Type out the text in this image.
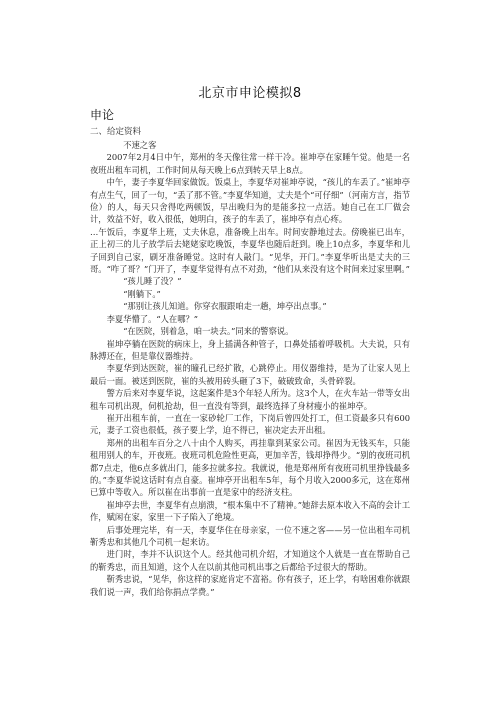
北京市申论模拟8
申论
二、给定资料

不速之客

2007年2月4日中午，郑州的冬天像往常一样干冷。崔坤亭在家睡午觉。他是一名夜班出租车司机，工作时间从每天晚上6点到转天早上8点。

中午，妻子李夏华回家做饭。饭桌上，李夏华对崔坤亭说，“孩儿的车丢了。”崔坤亭有点生气，回了一句，“丢了那不管。”李夏华知道，丈夫是个“可仔细”（河南方言，指节俭）的人，每天只舍得吃两顿饭，早出晚归为的是能多拉一点活。她自己在工厂做会计，效益不好，收入很低，她明白，孩子的车丢了，崔坤亭有点心疼。

…午饭后，李夏华上班，丈夫休息，准备晚上出车。时间安静地过去。傍晚崔已出车，正上初三的儿子放学后去姥姥家吃晚饭，李夏华也随后赶到。晚上10点多，李夏华和儿子回到自己家，刷牙准备睡觉。这时有人敲门。“见华，开门。”李夏华听出是丈夫的三哥。“咋了哥？”门开了，李夏华觉得有点不对劲，“他们从来没有这个时间来过家里啊。”

“孩儿睡了没？”

“刚躺下。”

“那别让孩儿知道。你穿衣服跟咱走一趟，坤亭出点事。”

李夏华懵了。“人在哪？”

“在医院，别着急，咱一块去。”同来的警察说。

崔坤亭躺在医院的病床上，身上插满各种管子，口鼻处插着呼吸机。大夫说，只有脉搏还在，但是靠仪器维持。

李夏华到达医院，崔的瞳孔已经扩散，心跳停止。用仪器维持，是为了让家人见上最后一面。被送到医院，崔的头被用砖头砸了3下，破破致命，头骨碎裂。

警方后来对李夏华说，这起案件是3个年轻人所为。这3个人，在火车站一带等女出租车司机出现，伺机抢劫，但一直没有等到，最终选择了身材瘦小的崔坤亭。

崔开出租车前，一直在一家砂轮厂工作，下岗后曾四处打工，但工资最多只有600元，妻子工资也很低，孩子要上学，迫不得已，崔决定去开出租。

郑州的出租车百分之八十由个人购买，再挂靠到某家公司。崔因为无钱买车，只能租用别人的车，开夜班。夜班司机危险性更高，更加辛苦，钱却挣得少。“别的夜班司机都7点走，他6点多就出门，能多拉就多拉。我就说，他是郑州所有夜班司机里挣钱最多的。”李夏华说这话时有点自豪。崔坤亭开出租车5年，每个月收入2000多元，这在郑州已算中等收入。所以崔在出事前一直是家中的经济支柱。

崔坤亭去世，李夏华有点崩溃，“根本集中不了精神。”她辞去原本收入不高的会计工作，赋闲在家，家里一下子陷入了绝境。

后事处理完毕，有一天，李夏华住在母亲家，一位不速之客——另一位出租车司机靳秀忠和其他几个司机一起来访。

进门时，李并不认识这个人。经其他司机介绍，才知道这个人就是一直在帮助自己的靳秀忠，而且知道，这个人在以前其他司机出事之后都给予过很大的帮助。

靳秀忠说，“见华，你这样的家庭肯定不富裕。你有孩子，还上学，有啥困难你就跟我们说一声，我们给你捐点学费。”
